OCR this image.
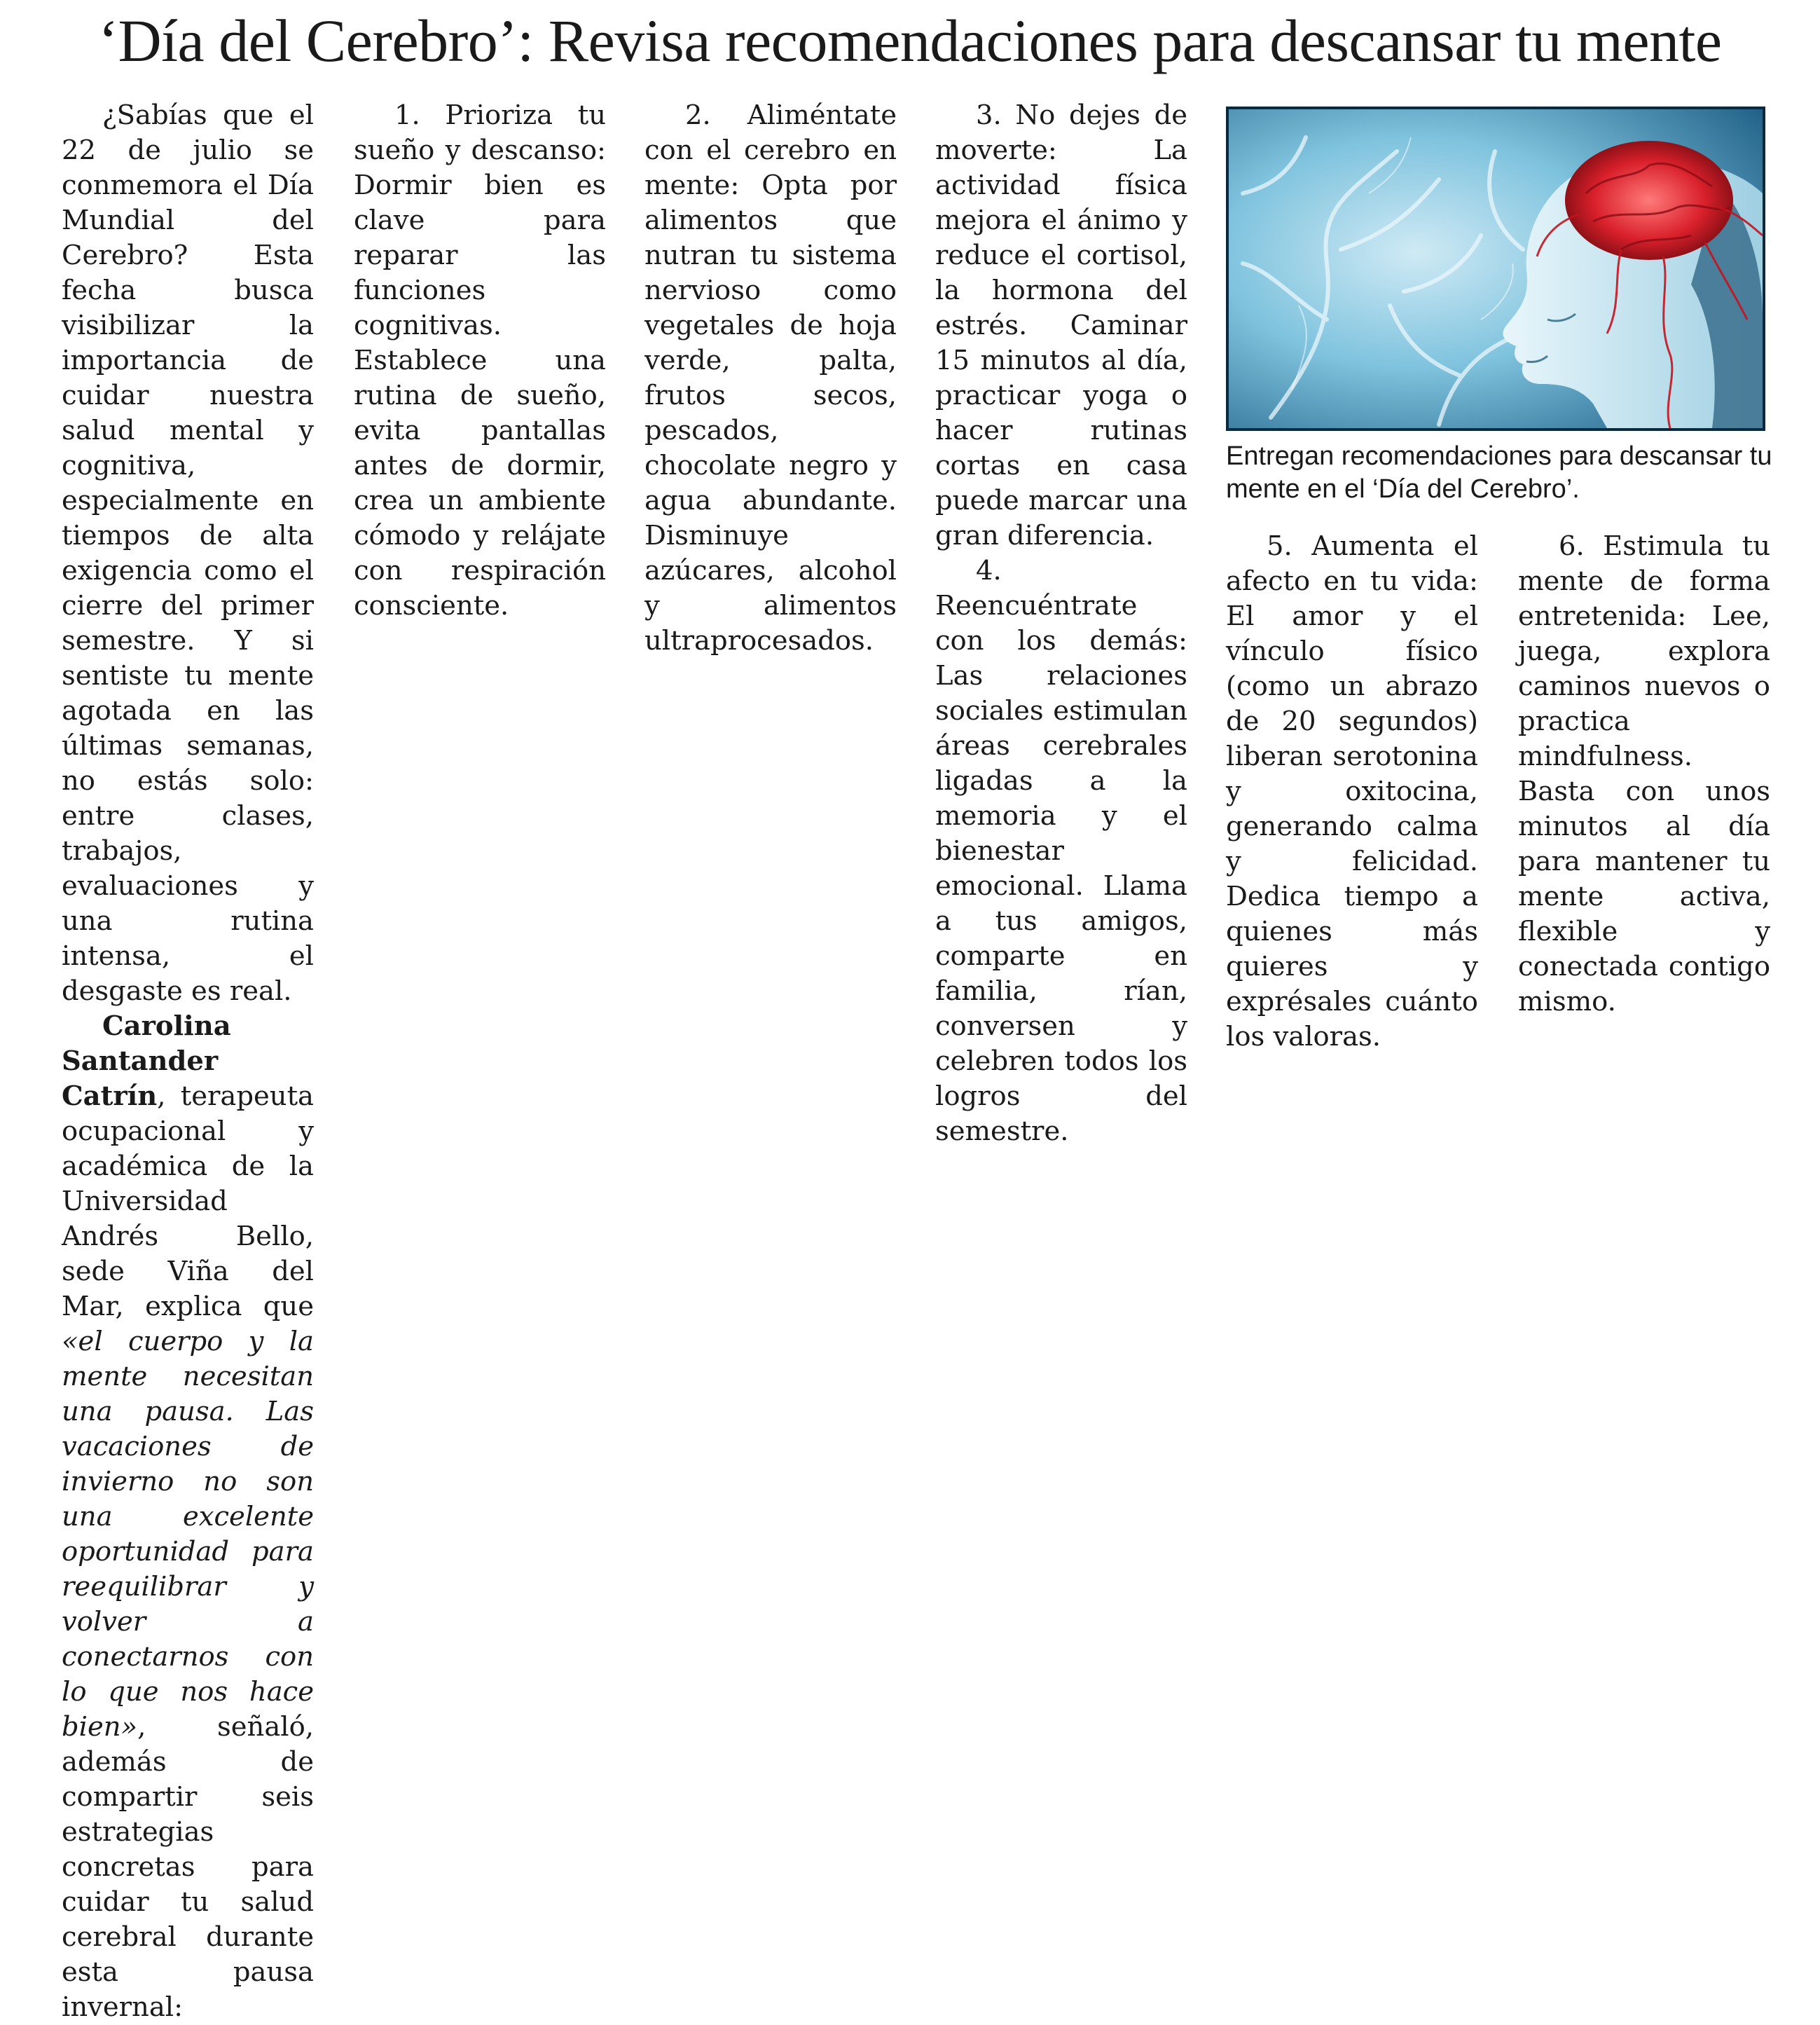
‘Día del Cerebro’: Revisa recomendaciones para descansar tu mente

¿Sabías que el 22 de julio se conmemora el Día Mundial del Cerebro? Esta fecha busca visibilizar la importancia de cuidar nuestra salud mental y cognitiva, especialmente en tiempos de alta exigencia como el cierre del primer semestre. Y si sentiste tu mente agotada en las últimas semanas, no estás solo: entre clases, trabajos, evaluaciones y una rutina intensa, el desgaste es real.

Carolina Santander Catrín, terapeuta ocupacional y académica de la Universidad Andrés Bello, sede Viña del Mar, explica que «el cuerpo y la mente necesitan una pausa. Las vacaciones de invierno no son una excelente oportunidad para reequilibrar y volver a conectarnos con lo que nos hace bien», señaló, además de compartir seis estrategias concretas para cuidar tu salud cerebral durante esta pausa invernal:

1. Prioriza tu sueño y descanso: Dormir bien es clave para reparar las funciones cognitivas. Establece una rutina de sueño, evita pantallas antes de dormir, crea un ambiente cómodo y relájate con respiración consciente.

2. Aliméntate con el cerebro en mente: Opta por alimentos que nutran tu sistema nervioso como vegetales de hoja verde, palta, frutos secos, pescados, chocolate negro y agua abundante. Disminuye azúcares, alcohol y alimentos ultraprocesados.

3. No dejes de moverte: La actividad física mejora el ánimo y reduce el cortisol, la hormona del estrés. Caminar 15 minutos al día, practicar yoga o hacer rutinas cortas en casa puede marcar una gran diferencia.

4. Reencuéntrate con los demás: Las relaciones sociales estimulan áreas cerebrales ligadas a la memoria y el bienestar emocional. Llama a tus amigos, comparte en familia, rían, conversen y celebren todos los logros del semestre.

Entregan recomendaciones para descansar tu
mente en el ‘Día del Cerebro’.

5. Aumenta el afecto en tu vida: El amor y el vínculo físico (como un abrazo de 20 segundos) liberan serotonina y oxitocina, generando calma y felicidad. Dedica tiempo a quienes más quieres y exprésales cuánto los valoras.

6. Estimula tu mente de forma entretenida: Lee, juega, explora caminos nuevos o practica mindfulness. Basta con unos minutos al día para mantener tu mente activa, flexible y conectada contigo mismo.
